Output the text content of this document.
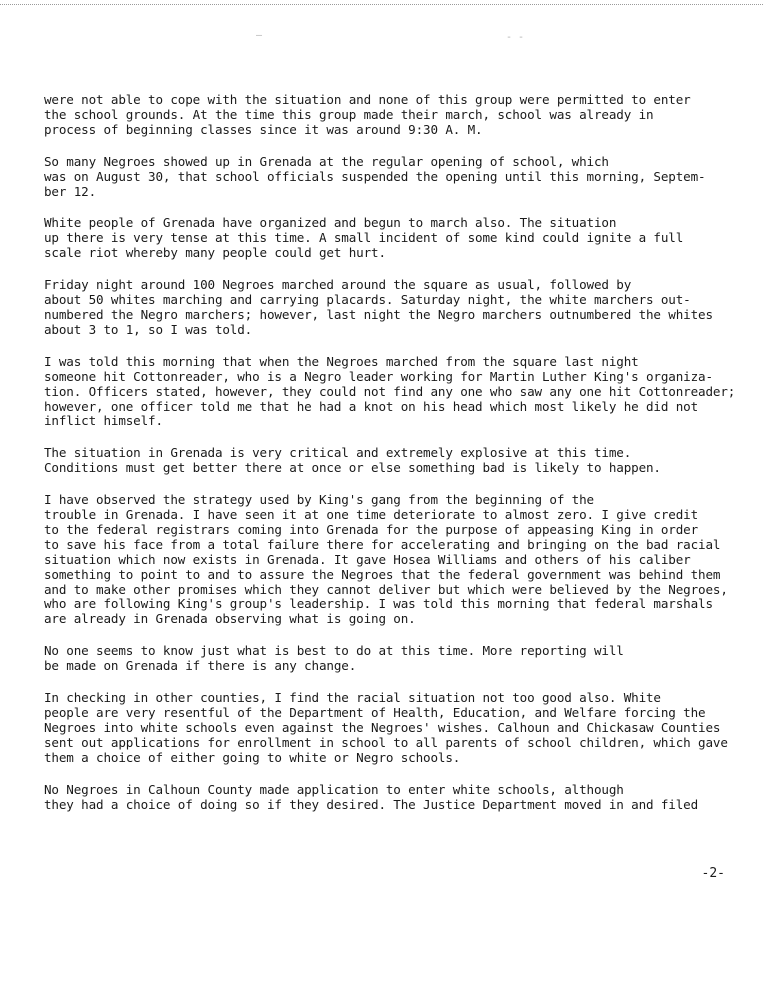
—	- -

were not able to cope with the situation and none of this group were permitted to enter
the school grounds. At the time this group made their march, school was already in
process of beginning classes since it was around 9:30 A. M.

So many Negroes showed up in Grenada at the regular opening of school, which
was on August 30, that school officials suspended the opening until this morning, Septem-
ber 12.

White people of Grenada have organized and begun to march also. The situation
up there is very tense at this time. A small incident of some kind could ignite a full
scale riot whereby many people could get hurt.

Friday night around 100 Negroes marched around the square as usual, followed by
about 50 whites marching and carrying placards. Saturday night, the white marchers out-
numbered the Negro marchers; however, last night the Negro marchers outnumbered the whites
about 3 to 1, so I was told.

I was told this morning that when the Negroes marched from the square last night
someone hit Cottonreader, who is a Negro leader working for Martin Luther King's organiza-
tion. Officers stated, however, they could not find any one who saw any one hit Cottonreader;
however, one officer told me that he had a knot on his head which most likely he did not
inflict himself.

The situation in Grenada is very critical and extremely explosive at this time.
Conditions must get better there at once or else something bad is likely to happen.

I have observed the strategy used by King's gang from the beginning of the
trouble in Grenada. I have seen it at one time deteriorate to almost zero. I give credit
to the federal registrars coming into Grenada for the purpose of appeasing King in order
to save his face from a total failure there for accelerating and bringing on the bad racial
situation which now exists in Grenada. It gave Hosea Williams and others of his caliber
something to point to and to assure the Negroes that the federal government was behind them
and to make other promises which they cannot deliver but which were believed by the Negroes,
who are following King's group's leadership. I was told this morning that federal marshals
are already in Grenada observing what is going on.

No one seems to know just what is best to do at this time. More reporting will
be made on Grenada if there is any change.

In checking in other counties, I find the racial situation not too good also. White
people are very resentful of the Department of Health, Education, and Welfare forcing the
Negroes into white schools even against the Negroes' wishes. Calhoun and Chickasaw Counties
sent out applications for enrollment in school to all parents of school children, which gave
them a choice of either going to white or Negro schools.

No Negroes in Calhoun County made application to enter white schools, although
they had a choice of doing so if they desired. The Justice Department moved in and filed

-2-
